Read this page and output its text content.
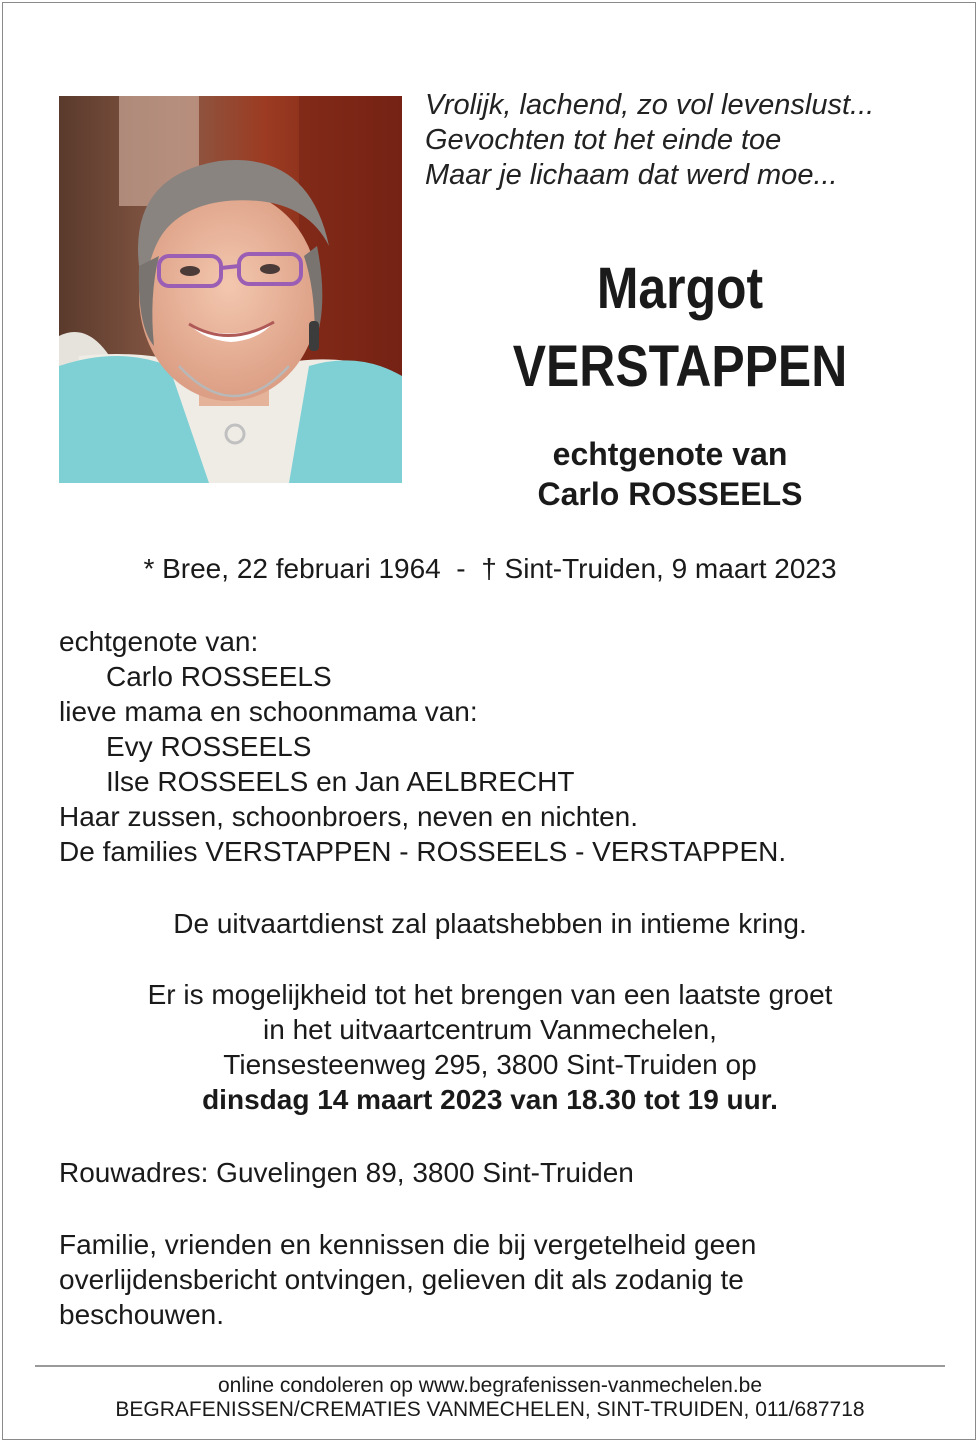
Vrolijk, lachend, zo vol levenslust...
Gevochten tot het einde toe
Maar je lichaam dat werd moe...
Margot
VERSTAPPEN
echtgenote van
Carlo ROSSEELS
* Bree, 22 februari 1964  -  † Sint-Truiden, 9 maart 2023
echtgenote van:
Carlo ROSSEELS
lieve mama en schoonmama van:
Evy ROSSEELS
Ilse ROSSEELS en Jan AELBRECHT
Haar zussen, schoonbroers, neven en nichten.
De families VERSTAPPEN - ROSSEELS - VERSTAPPEN.
De uitvaartdienst zal plaatshebben in intieme kring.
Er is mogelijkheid tot het brengen van een laatste groet
in het uitvaartcentrum Vanmechelen,
Tiensesteenweg 295, 3800 Sint-Truiden op
dinsdag 14 maart 2023 van 18.30 tot 19 uur.
Rouwadres: Guvelingen 89, 3800 Sint-Truiden
Familie, vrienden en kennissen die bij vergetelheid geen
overlijdensbericht ontvingen, gelieven dit als zodanig te
beschouwen.
online condoleren op www.begrafenissen-vanmechelen.be
BEGRAFENISSEN/CREMATIES VANMECHELEN, SINT-TRUIDEN, 011/687718
